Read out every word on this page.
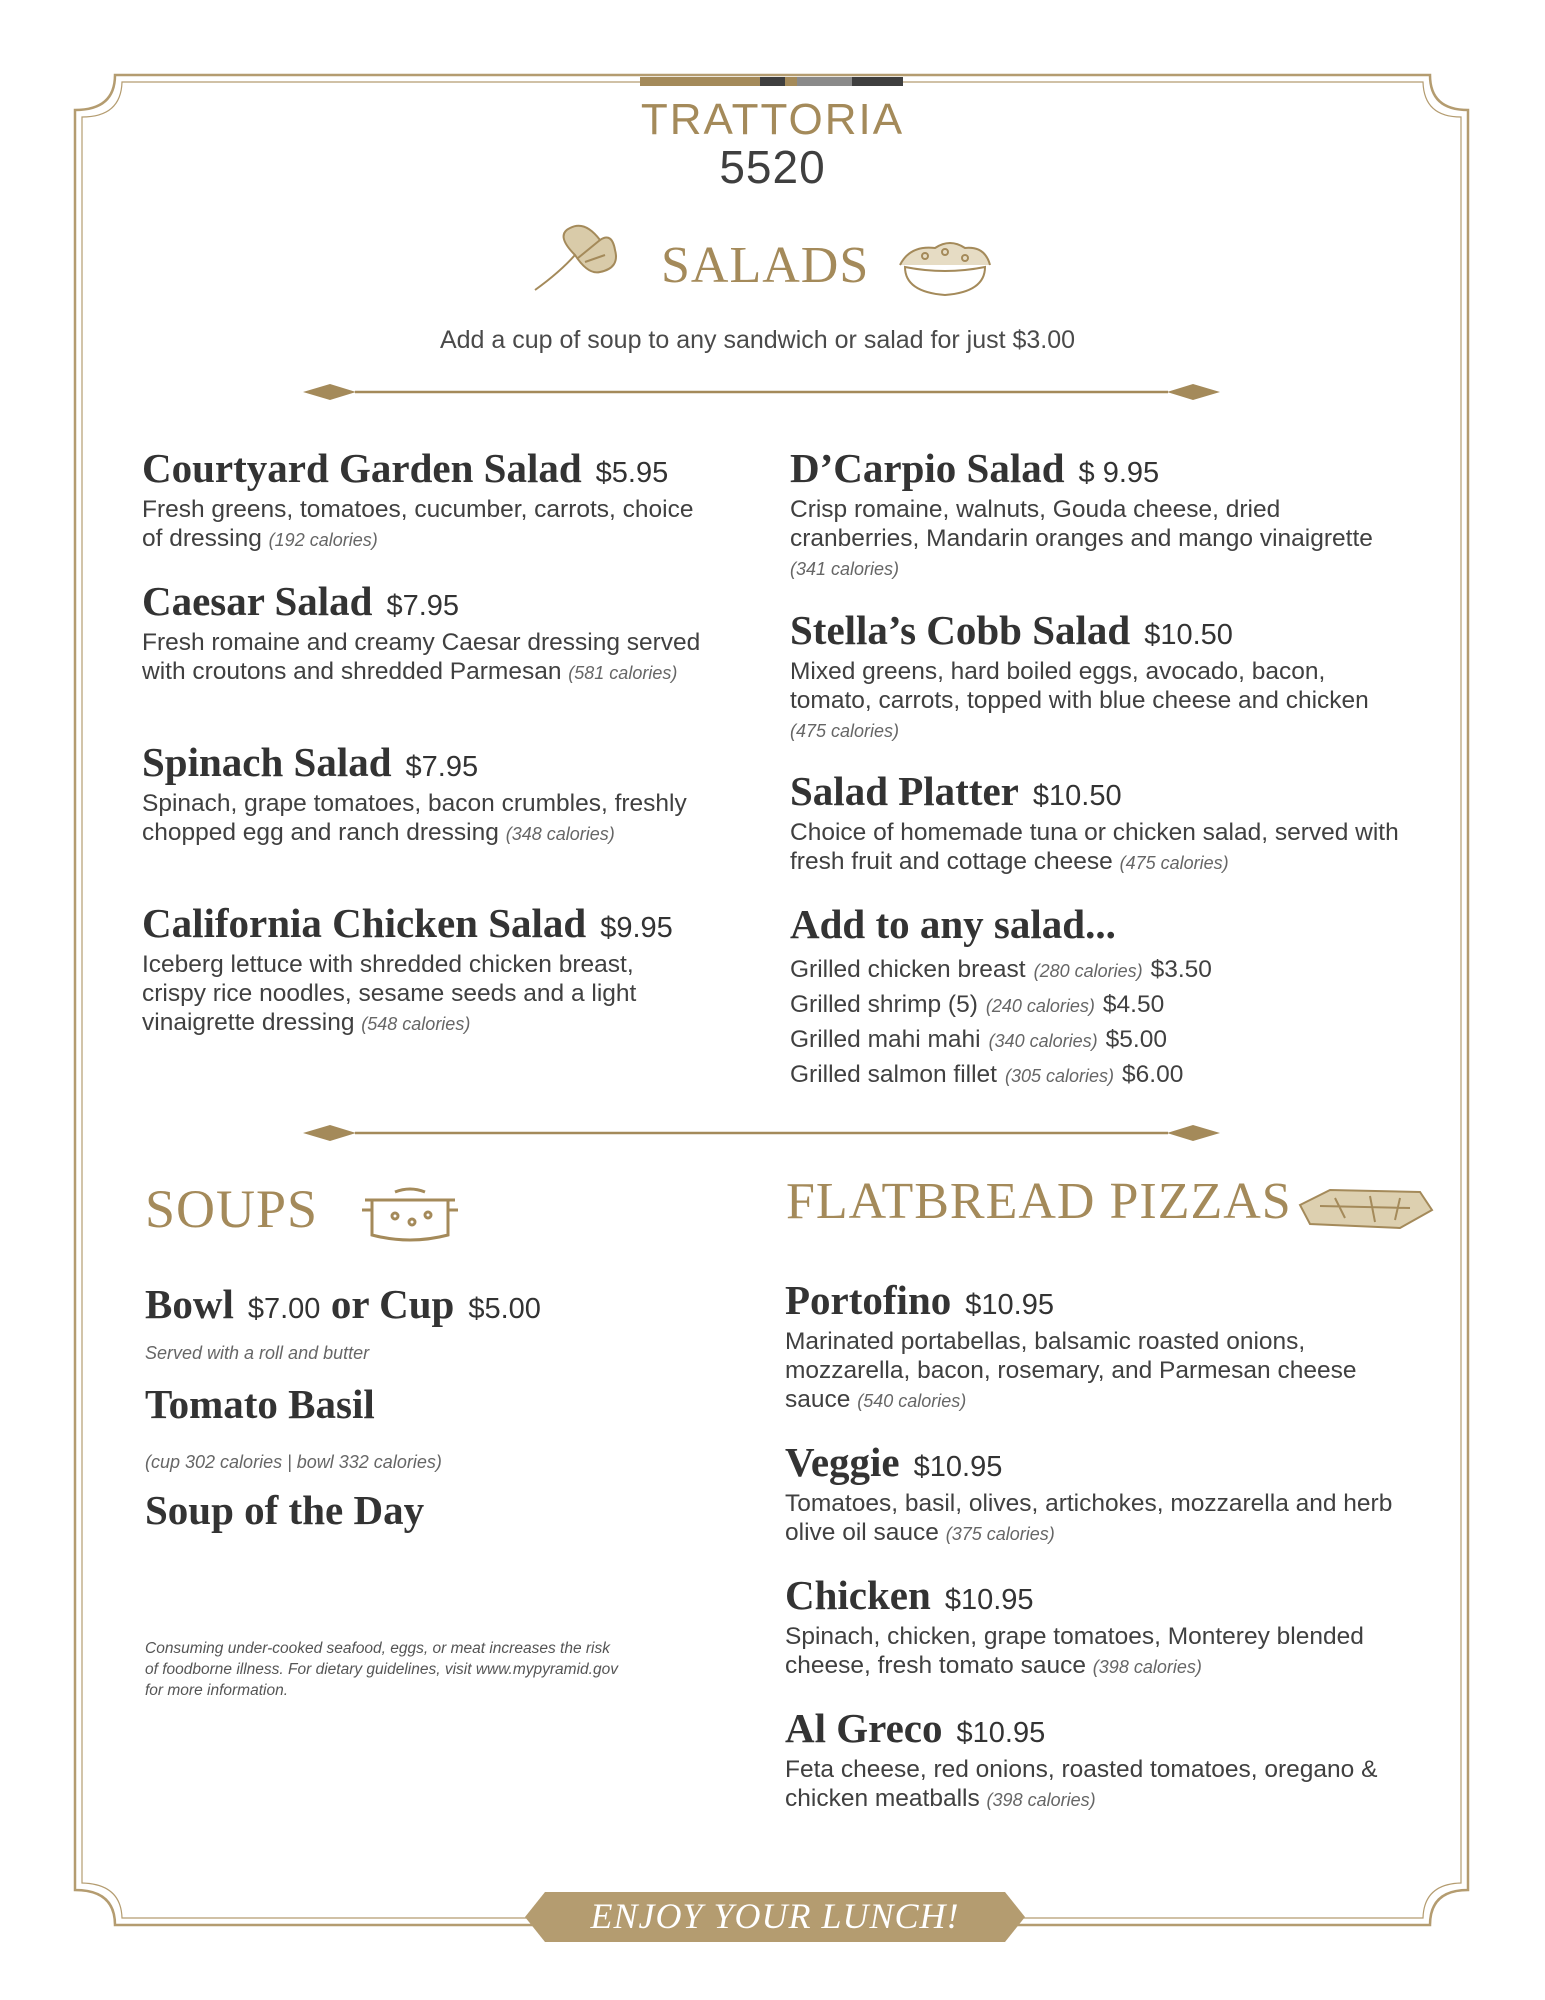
TRATTORIA
5520
SALADS
Add a cup of soup to any sandwich or salad for just $3.00
Courtyard Garden Salad $5.95
Fresh greens, tomatoes, cucumber, carrots, choice of dressing (192 calories)
Caesar Salad $7.95
Fresh romaine and creamy Caesar dressing served with croutons and shredded Parmesan (581 calories)
Spinach Salad $7.95
Spinach, grape tomatoes, bacon crumbles, freshly chopped egg and ranch dressing (348 calories)
California Chicken Salad $9.95
Iceberg lettuce with shredded chicken breast, crispy rice noodles, sesame seeds and a light vinaigrette dressing (548 calories)
D’Carpio Salad $ 9.95
Crisp romaine, walnuts, Gouda cheese, dried cranberries, Mandarin oranges and mango vinaigrette (341 calories)
Stella’s Cobb Salad $10.50
Mixed greens, hard boiled eggs, avocado, bacon, tomato, carrots, topped with blue cheese and chicken (475 calories)
Salad Platter $10.50
Choice of homemade tuna or chicken salad, served with fresh fruit and cottage cheese (475 calories)
Add to any salad...
Grilled chicken breast (280 calories) $3.50
Grilled shrimp (5) (240 calories) $4.50
Grilled mahi mahi (340 calories) $5.00
Grilled salmon fillet (305 calories) $6.00
SOUPS
Bowl $7.00 or Cup $5.00
Served with a roll and butter
Tomato Basil
(cup 302 calories | bowl 332 calories)
Soup of the Day
Consuming under-cooked seafood, eggs, or meat increases the risk of foodborne illness. For dietary guidelines, visit www.mypyramid.gov for more information.
FLATBREAD PIZZAS
Portofino $10.95
Marinated portabellas, balsamic roasted onions, mozzarella, bacon, rosemary, and Parmesan cheese sauce (540 calories)
Veggie $10.95
Tomatoes, basil, olives, artichokes, mozzarella and herb olive oil sauce (375 calories)
Chicken $10.95
Spinach, chicken, grape tomatoes, Monterey blended cheese, fresh tomato sauce (398 calories)
Al Greco $10.95
Feta cheese, red onions, roasted tomatoes, oregano & chicken meatballs (398 calories)
ENJOY YOUR LUNCH!
